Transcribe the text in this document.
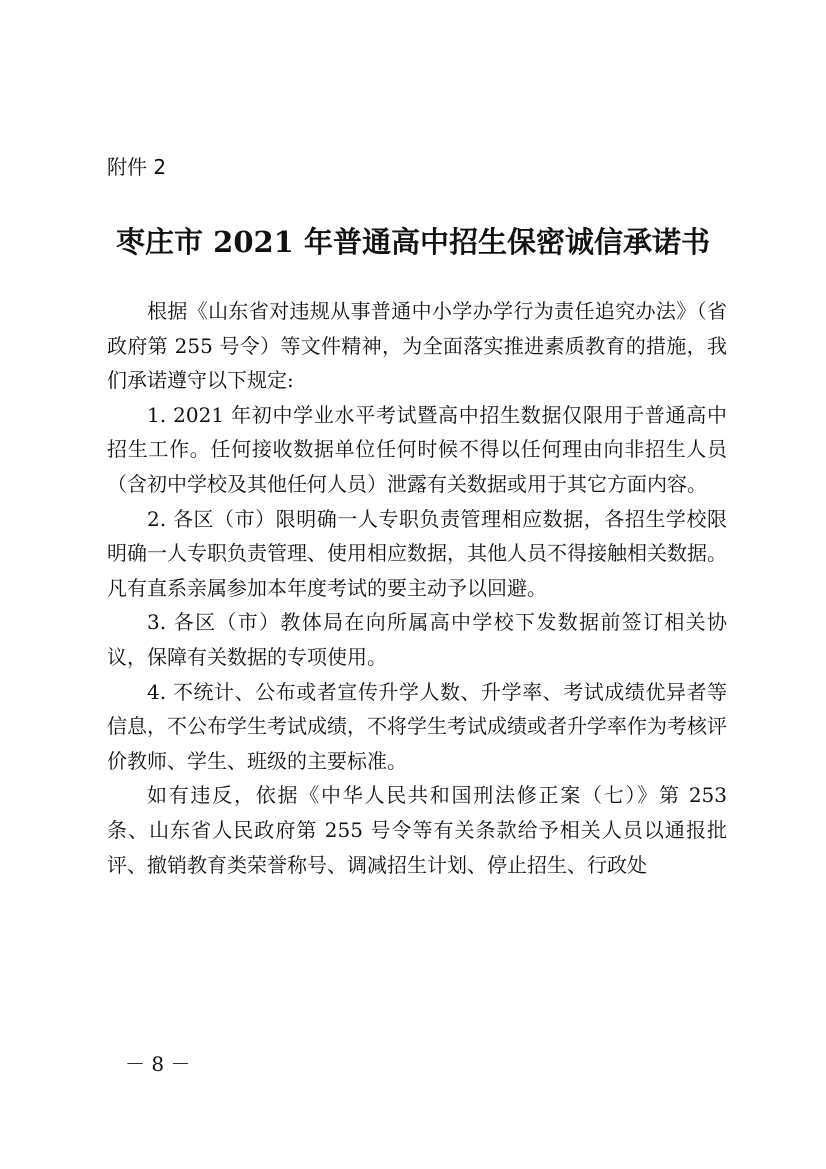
附件 2
枣庄市 2021 年普通高中招生保密诚信承诺书

根据《山东省对违规从事普通中小学办学行为责任追究办法》（省政府第 255 号令）等文件精神，为全面落实推进素质教育的措施，我们承诺遵守以下规定:

1. 2021 年初中学业水平考试暨高中招生数据仅限用于普通高中招生工作。任何接收数据单位任何时候不得以任何理由向非招生人员（含初中学校及其他任何人员）泄露有关数据或用于其它方面内容。

2. 各区（市）限明确一人专职负责管理相应数据，各招生学校限明确一人专职负责管理、使用相应数据，其他人员不得接触相关数据。凡有直系亲属参加本年度考试的要主动予以回避。

3. 各区（市）教体局在向所属高中学校下发数据前签订相关协议，保障有关数据的专项使用。

4. 不统计、公布或者宣传升学人数、升学率、考试成绩优异者等信息，不公布学生考试成绩，不将学生考试成绩或者升学率作为考核评价教师、学生、班级的主要标准。

如有违反，依据《中华人民共和国刑法修正案（七）》第 253 条、山东省人民政府第 255 号令等有关条款给予相关人员以通报批评、撤销教育类荣誉称号、调减招生计划、停止招生、行政处

－ 8 －
